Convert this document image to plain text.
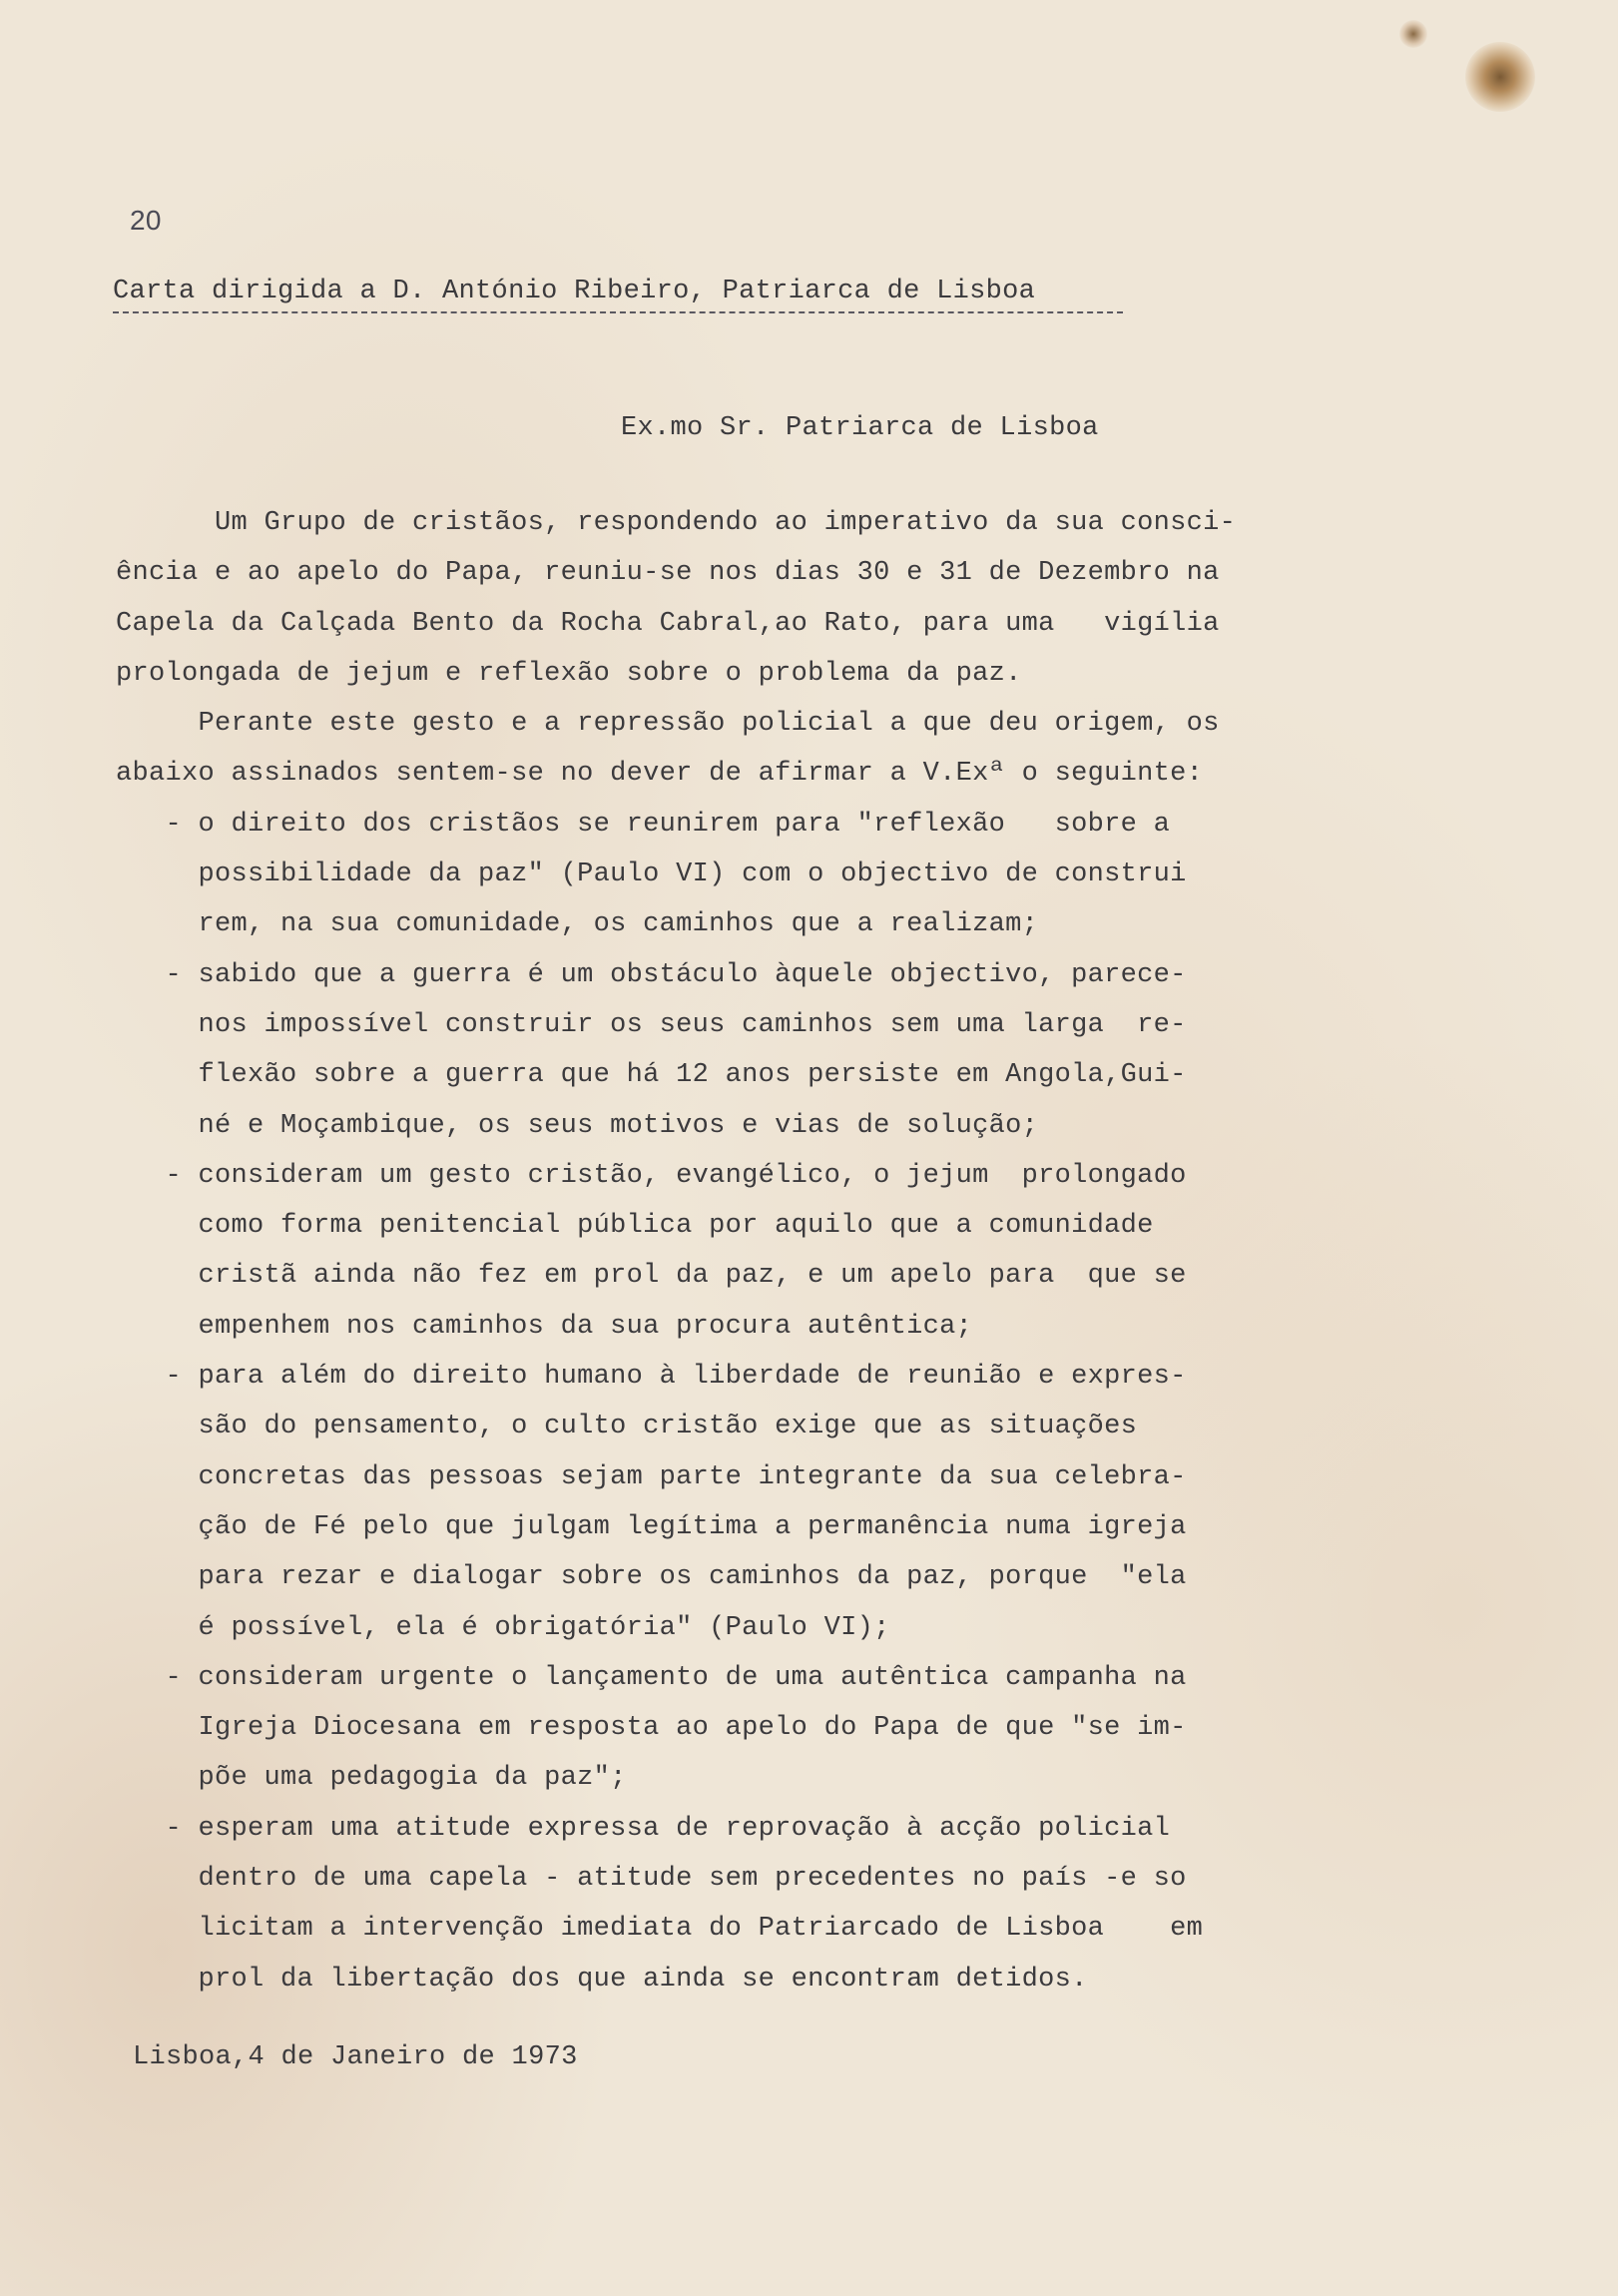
20
Carta dirigida a D. António Ribeiro, Patriarca de Lisboa
Ex.mo Sr. Patriarca de Lisboa
Um Grupo de cristãos, respondendo ao imperativo da sua consci-
ência e ao apelo do Papa, reuniu-se nos dias 30 e 31 de Dezembro na
Capela da Calçada Bento da Rocha Cabral,ao Rato, para uma   vigília
prolongada de jejum e reflexão sobre o problema da paz.
Perante este gesto e a repressão policial a que deu origem, os
abaixo assinados sentem-se no dever de afirmar a V.Exª o seguinte:
- o direito dos cristãos se reunirem para "reflexão   sobre a
possibilidade da paz" (Paulo VI) com o objectivo de construi
rem, na sua comunidade, os caminhos que a realizam;
- sabido que a guerra é um obstáculo àquele objectivo, parece-
nos impossível construir os seus caminhos sem uma larga  re-
flexão sobre a guerra que há 12 anos persiste em Angola,Gui-
né e Moçambique, os seus motivos e vias de solução;
- consideram um gesto cristão, evangélico, o jejum  prolongado
como forma penitencial pública por aquilo que a comunidade
cristã ainda não fez em prol da paz, e um apelo para  que se
empenhem nos caminhos da sua procura autêntica;
- para além do direito humano à liberdade de reunião e expres-
são do pensamento, o culto cristão exige que as situações
concretas das pessoas sejam parte integrante da sua celebra-
ção de Fé pelo que julgam legítima a permanência numa igreja
para rezar e dialogar sobre os caminhos da paz, porque  "ela
é possível, ela é obrigatória" (Paulo VI);
- consideram urgente o lançamento de uma autêntica campanha na
Igreja Diocesana em resposta ao apelo do Papa de que "se im-
põe uma pedagogia da paz";
- esperam uma atitude expressa de reprovação à acção policial
dentro de uma capela - atitude sem precedentes no país -e so
licitam a intervenção imediata do Patriarcado de Lisboa    em
prol da libertação dos que ainda se encontram detidos.
Lisboa,4 de Janeiro de 1973
